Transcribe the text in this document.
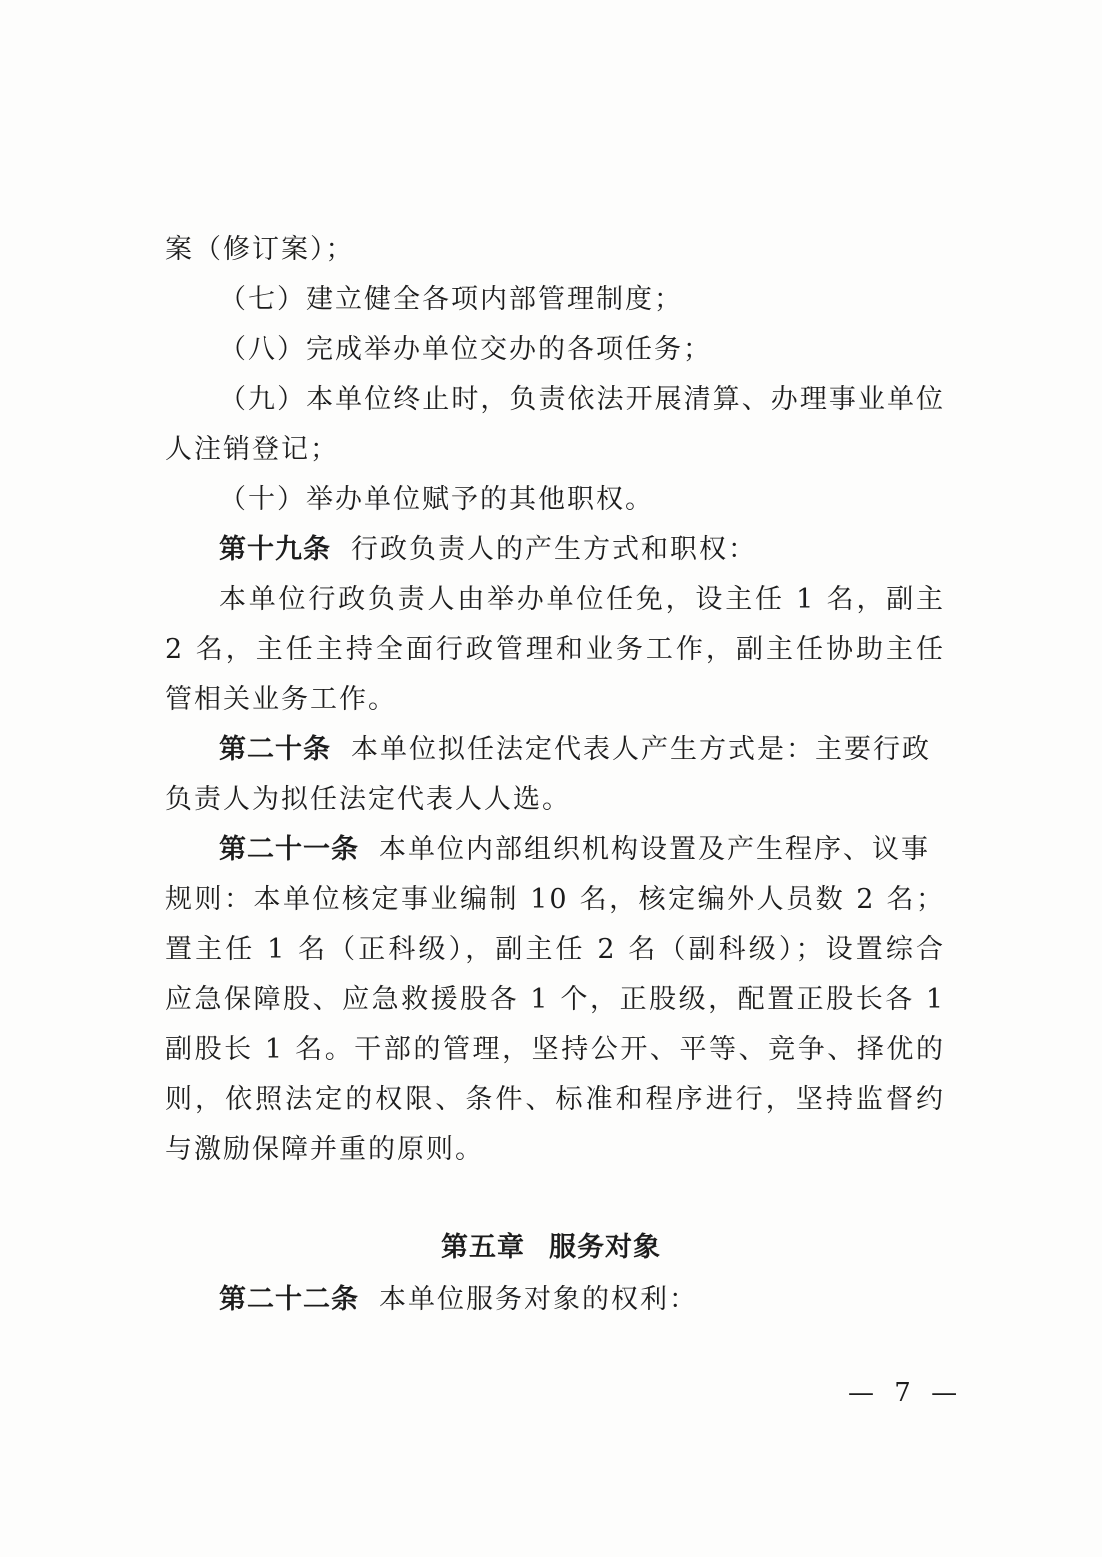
案（修订案）；
（七）建立健全各项内部管理制度；
（八）完成举办单位交办的各项任务；
（九）本单位终止时，负责依法开展清算、办理事业单位
人注销登记；
（十）举办单位赋予的其他职权。
第十九条 行政负责人的产生方式和职权：
本单位行政负责人由举办单位任免，设主任 1 名，副主
2 名，主任主持全面行政管理和业务工作，副主任协助主任
管相关业务工作。
第二十条 本单位拟任法定代表人产生方式是：主要行政
负责人为拟任法定代表人人选。
第二十一条 本单位内部组织机构设置及产生程序、议事
规则：本单位核定事业编制 10 名，核定编外人员数 2 名；
置主任 1 名（正科级），副主任 2 名（副科级）；设置综合
应急保障股、应急救援股各 1 个，正股级，配置正股长各 1
副股长 1 名。干部的管理，坚持公开、平等、竞争、择优的
则，依照法定的权限、条件、标准和程序进行，坚持监督约
与激励保障并重的原则。
第五章 服务对象
第二十二条 本单位服务对象的权利：
— 7 —
